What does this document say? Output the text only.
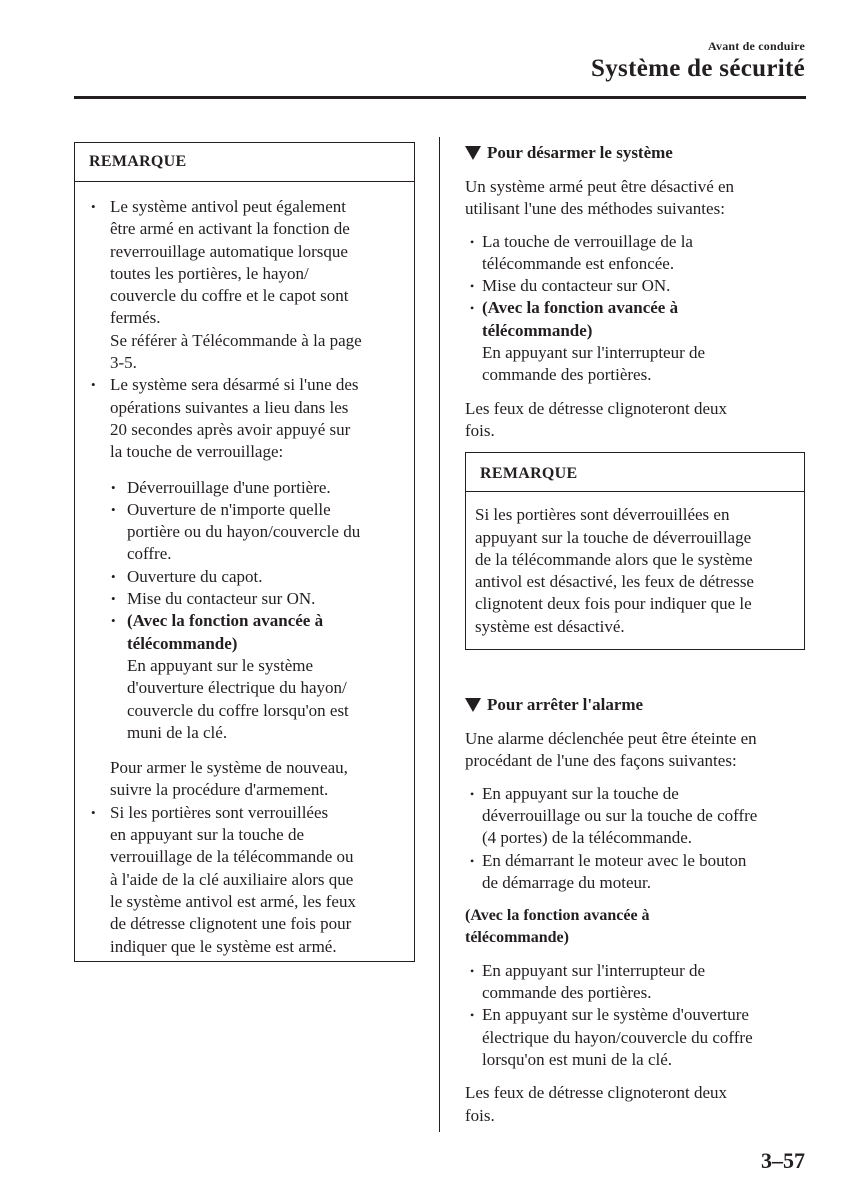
Avant de conduire
Système de sécurité
REMARQUE
• Le système antivol peut également
être armé en activant la fonction de
reverrouillage automatique lorsque
toutes les portières, le hayon/
couvercle du coffre et le capot sont
fermés.
Se référer à Télécommande à la page
3-5.
• Le système sera désarmé si l'une des
opérations suivantes a lieu dans les
20 secondes après avoir appuyé sur
la touche de verrouillage:
• Déverrouillage d'une portière.
• Ouverture de n'importe quelle
portière ou du hayon/couvercle du
coffre.
• Ouverture du capot.
• Mise du contacteur sur ON.
• (Avec la fonction avancée à
télécommande)
En appuyant sur le système
d'ouverture électrique du hayon/
couvercle du coffre lorsqu'on est
muni de la clé.
Pour armer le système de nouveau,
suivre la procédure d'armement.
• Si les portières sont verrouillées
en appuyant sur la touche de
verrouillage de la télécommande ou
à l'aide de la clé auxiliaire alors que
le système antivol est armé, les feux
de détresse clignotent une fois pour
indiquer que le système est armé.
Pour désarmer le système
Un système armé peut être désactivé en
utilisant l'une des méthodes suivantes:
• La touche de verrouillage de la
télécommande est enfoncée.
• Mise du contacteur sur ON.
• (Avec la fonction avancée à
télécommande)
En appuyant sur l'interrupteur de
commande des portières.
Les feux de détresse clignoteront deux
fois.
REMARQUE
Si les portières sont déverrouillées en
appuyant sur la touche de déverrouillage
de la télécommande alors que le système
antivol est désactivé, les feux de détresse
clignotent deux fois pour indiquer que le
système est désactivé.
Pour arrêter l'alarme
Une alarme déclenchée peut être éteinte en
procédant de l'une des façons suivantes:
• En appuyant sur la touche de
déverrouillage ou sur la touche de coffre
(4 portes) de la télécommande.
• En démarrant le moteur avec le bouton
de démarrage du moteur.
(Avec la fonction avancée à
télécommande)
• En appuyant sur l'interrupteur de
commande des portières.
• En appuyant sur le système d'ouverture
électrique du hayon/couvercle du coffre
lorsqu'on est muni de la clé.
Les feux de détresse clignoteront deux
fois.
3–57
